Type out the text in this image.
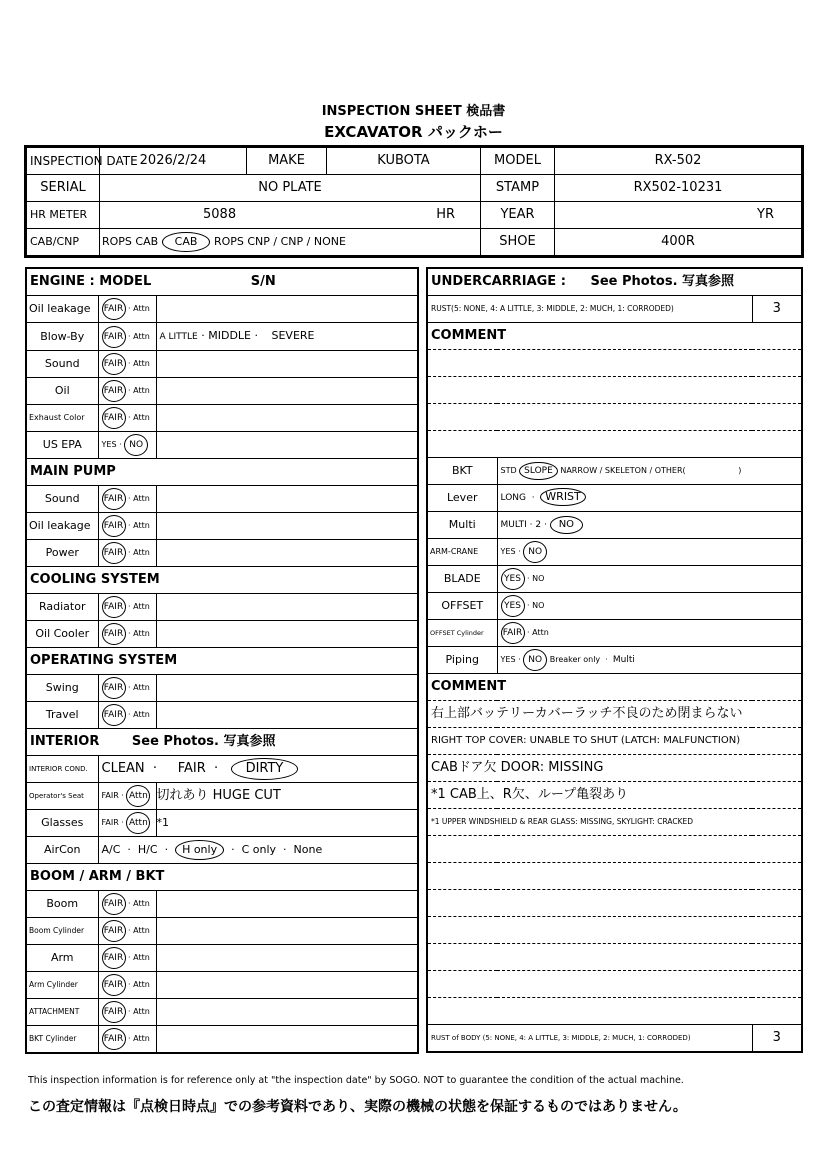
INSPECTION SHEET 検品書
EXCAVATOR パックホー
INSPECTION DATE	2026/2/24	MAKE	KUBOTA	MODEL	RX-502
SERIAL	NO PLATE			STAMP	RX502-10231
HR METER	5088 HR			YEAR	YR
CAB/CNP	ROPS CAB CAB ROPS CNP / CNP / NONE			SHOE	400R
ENGINE : MODEL S/N		
Oil leakage	FAIR · Attn	
Blow-By	FAIR · Attn	A LITTLE · MIDDLE · SEVERE
Sound	FAIR · Attn	
Oil	FAIR · Attn	
Exhaust Color	FAIR · Attn	
US EPA	YES · NO	
MAIN PUMP		
Sound	FAIR · Attn	
Oil leakage	FAIR · Attn	
Power	FAIR · Attn	
COOLING SYSTEM		
Radiator	FAIR · Attn	
Oil Cooler	FAIR · Attn	
OPERATING SYSTEM		
Swing	FAIR · Attn	
Travel	FAIR · Attn	
INTERIOR See Photos. 写真参照		
INTERIOR COND.	CLEAN  ·     FAIR  ·   DIRTY	
Operator's Seat	FAIR · Attn	切れあり HUGE CUT
Glasses	FAIR · Attn	*1
AirCon	A/C  ·  H/C  ·  H only  ·  C only  ·  None	
BOOM / ARM / BKT		
Boom	FAIR · Attn	
Boom Cylinder	FAIR · Attn	
Arm	FAIR · Attn	
Arm Cylinder	FAIR · Attn	
ATTACHMENT	FAIR · Attn	
BKT Cylinder	FAIR · Attn	
UNDERCARRIAGE : See Photos. 写真参照		
RUST(5: NONE, 4: A LITTLE, 3: MIDDLE, 2: MUCH, 1: CORRODED)		3
COMMENT		

BKT	STD SLOPE NARROW / SKELETON / OTHER( )	
Lever	LONG  ·  WRIST	
Multi	MULTI · 2 · NO	
ARM-CRANE	YES · NO	
BLADE	YES · NO	
OFFSET	YES · NO	
OFFSET Cylinder	FAIR · Attn	
Piping	YES · NO Breaker only  ·  Multi	
COMMENT		
右上部バッテリーカバーラッチ不良のため閉まらない		
RIGHT TOP COVER: UNABLE TO SHUT (LATCH: MALFUNCTION)		
CABドア欠 DOOR: MISSING		
*1 CAB上、R欠、ループ亀裂あり		
*1 UPPER WINDSHIELD & REAR GLASS: MISSING, SKYLIGHT: CRACKED		

RUST of BODY (5: NONE, 4: A LITTLE, 3: MIDDLE, 2: MUCH, 1: CORRODED)		3
This inspection information is for reference only at "the inspection date" by SOGO. NOT to guarantee the condition of the actual machine.
この査定情報は『点検日時点』での参考資料であり、実際の機械の状態を保証するものではありません。
